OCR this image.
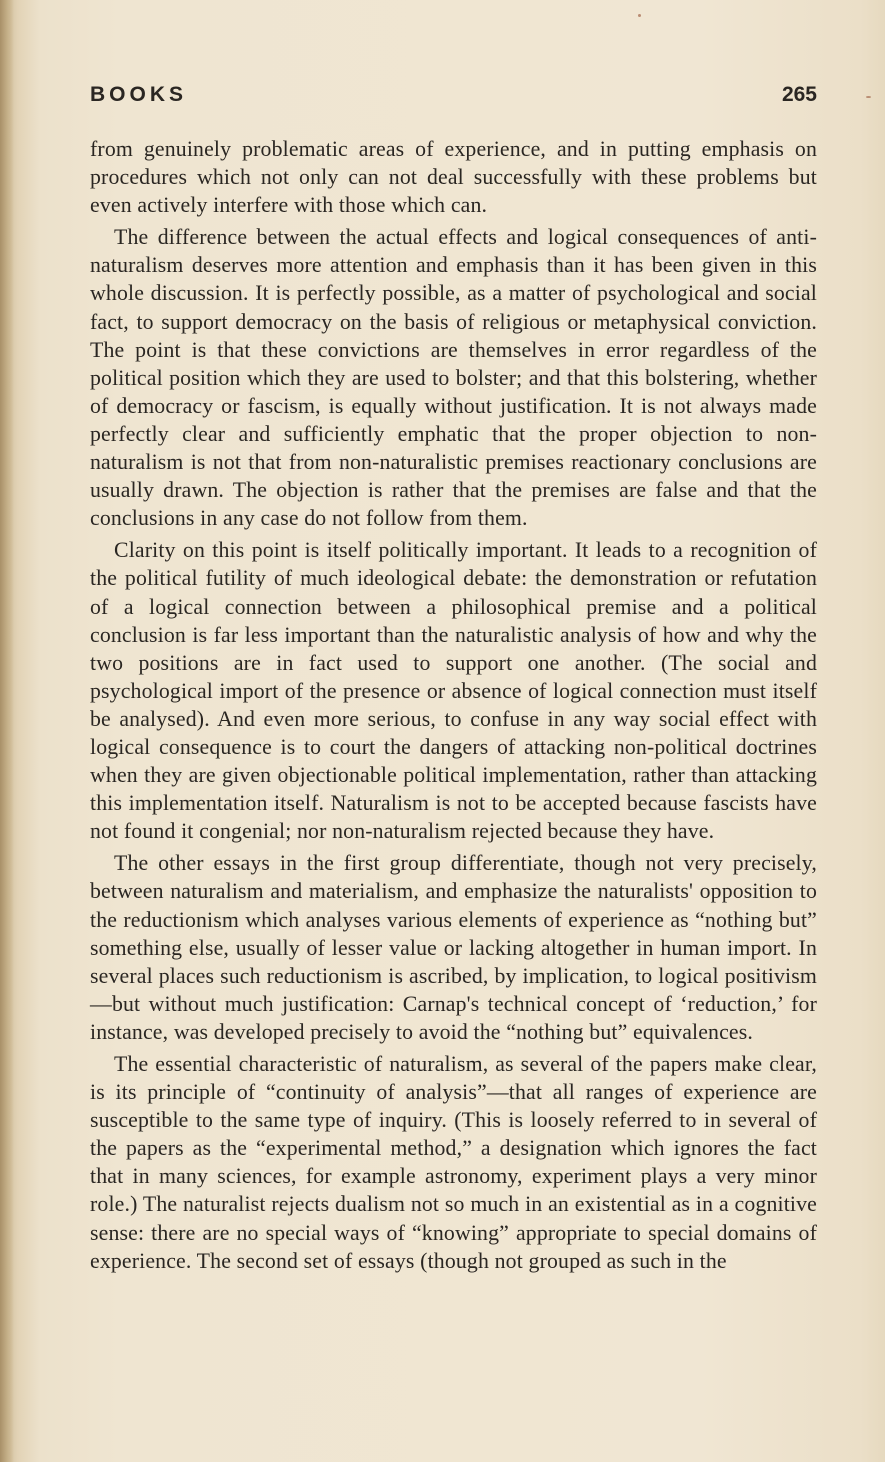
BOOKS	265

from genuinely problematic areas of experience, and in putting emphasis on procedures which not only can not deal successfully with these problems but even actively interfere with those which can.

The difference between the actual effects and logical consequences of anti-naturalism deserves more attention and emphasis than it has been given in this whole discussion. It is perfectly possible, as a matter of psychological and social fact, to support democracy on the basis of religious or metaphysical conviction. The point is that these convictions are themselves in error regardless of the political position which they are used to bolster; and that this bolstering, whether of democracy or fascism, is equally without justification. It is not always made perfectly clear and sufficiently emphatic that the proper objection to non-naturalism is not that from non-naturalistic premises reactionary conclusions are usually drawn. The objection is rather that the premises are false and that the conclusions in any case do not follow from them.

Clarity on this point is itself politically important. It leads to a recognition of the political futility of much ideological debate: the demonstration or refutation of a logical connection between a philosophical premise and a political conclusion is far less important than the naturalistic analysis of how and why the two positions are in fact used to support one another. (The social and psychological import of the presence or absence of logical connection must itself be analysed). And even more serious, to confuse in any way social effect with logical consequence is to court the dangers of attacking non-political doctrines when they are given objectionable political implementation, rather than attacking this implementation itself. Naturalism is not to be accepted because fascists have not found it congenial; nor non-naturalism rejected because they have.

The other essays in the first group differentiate, though not very precisely, between naturalism and materialism, and emphasize the naturalists' opposition to the reductionism which analyses various elements of experience as “nothing but” something else, usually of lesser value or lacking altogether in human import. In several places such reductionism is ascribed, by implication, to logical positivism—but without much justification: Carnap's technical concept of ‘reduction,’ for instance, was developed precisely to avoid the “nothing but” equivalences.

The essential characteristic of naturalism, as several of the papers make clear, is its principle of “continuity of analysis”—that all ranges of experience are susceptible to the same type of inquiry. (This is loosely referred to in several of the papers as the “experimental method,” a designation which ignores the fact that in many sciences, for example astronomy, experiment plays a very minor role.) The naturalist rejects dualism not so much in an existential as in a cognitive sense: there are no special ways of “knowing” appropriate to special domains of experience. The second set of essays (though not grouped as such in the
